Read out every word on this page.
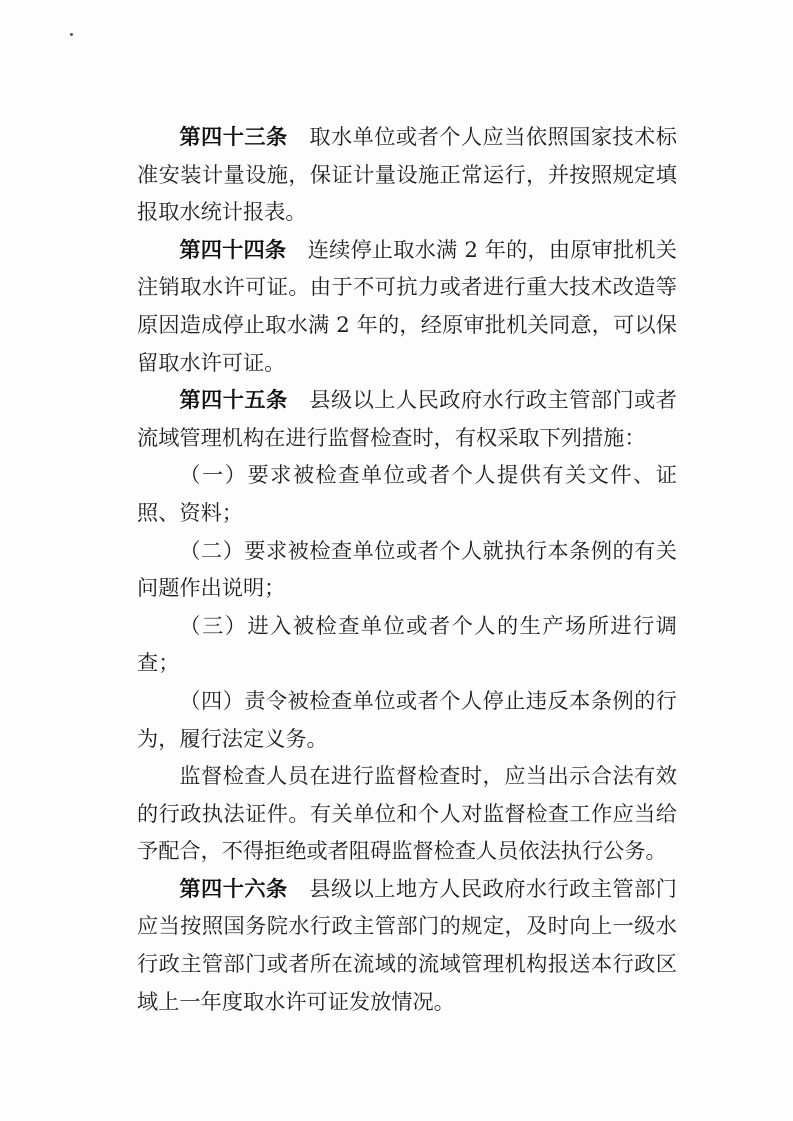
第四十三条 取水单位或者个人应当依照国家技术标准安装计量设施，保证计量设施正常运行，并按照规定填报取水统计报表。

第四十四条 连续停止取水满 2 年的，由原审批机关注销取水许可证。由于不可抗力或者进行重大技术改造等原因造成停止取水满 2 年的，经原审批机关同意，可以保留取水许可证。

第四十五条 县级以上人民政府水行政主管部门或者流域管理机构在进行监督检查时，有权采取下列措施：

（一）要求被检查单位或者个人提供有关文件、证照、资料；

（二）要求被检查单位或者个人就执行本条例的有关问题作出说明；

（三）进入被检查单位或者个人的生产场所进行调查；

（四）责令被检查单位或者个人停止违反本条例的行为，履行法定义务。

监督检查人员在进行监督检查时，应当出示合法有效的行政执法证件。有关单位和个人对监督检查工作应当给予配合，不得拒绝或者阻碍监督检查人员依法执行公务。

第四十六条 县级以上地方人民政府水行政主管部门应当按照国务院水行政主管部门的规定，及时向上一级水行政主管部门或者所在流域的流域管理机构报送本行政区域上一年度取水许可证发放情况。
